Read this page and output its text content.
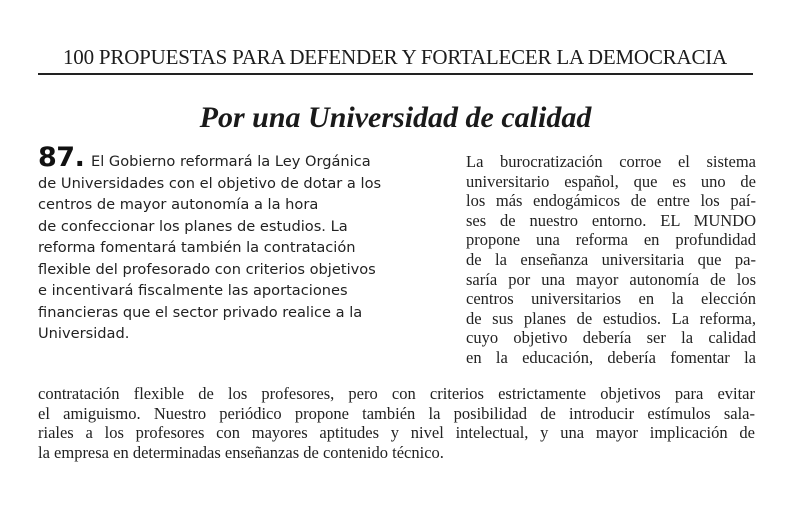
100 PROPUESTAS PARA DEFENDER Y FORTALECER LA DEMOCRACIA
Por una Universidad de calidad
87. El Gobierno reformará la Ley Orgánica
de Universidades con el objetivo de dotar a los
centros de mayor autonomía a la hora
de confeccionar los planes de estudios. La
reforma fomentará también la contratación
flexible del profesorado con criterios objetivos
e incentivará fiscalmente las aportaciones
financieras que el sector privado realice a la
Universidad.
La burocratización corroe el sistema
universitario español, que es uno de
los más endogámicos de entre los paí-
ses de nuestro entorno. EL MUNDO
propone una reforma en profundidad
de la enseñanza universitaria que pa-
saría por una mayor autonomía de los
centros universitarios en la elección
de sus planes de estudios. La reforma,
cuyo objetivo debería ser la calidad
en la educación, debería fomentar la
contratación flexible de los profesores, pero con criterios estrictamente objetivos para evitar
el amiguismo. Nuestro periódico propone también la posibilidad de introducir estímulos sala-
riales a los profesores con mayores aptitudes y nivel intelectual, y una mayor implicación de
la empresa en determinadas enseñanzas de contenido técnico.
